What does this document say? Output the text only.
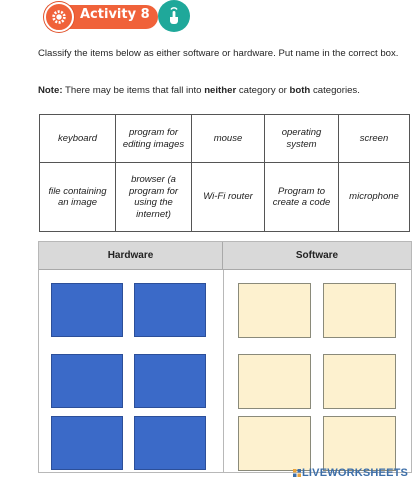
Activity 8

Classify the items below as either software or hardware. Put name in the correct box.

Note: There may be items that fall into neither category or both categories.

keyboard	program for editing images	mouse	operating system	screen
file containing an image	browser (a program for using the internet)	Wi-Fi router	Program to create a code	microphone
Hardware	Software
LIVEWORKSHEETS
